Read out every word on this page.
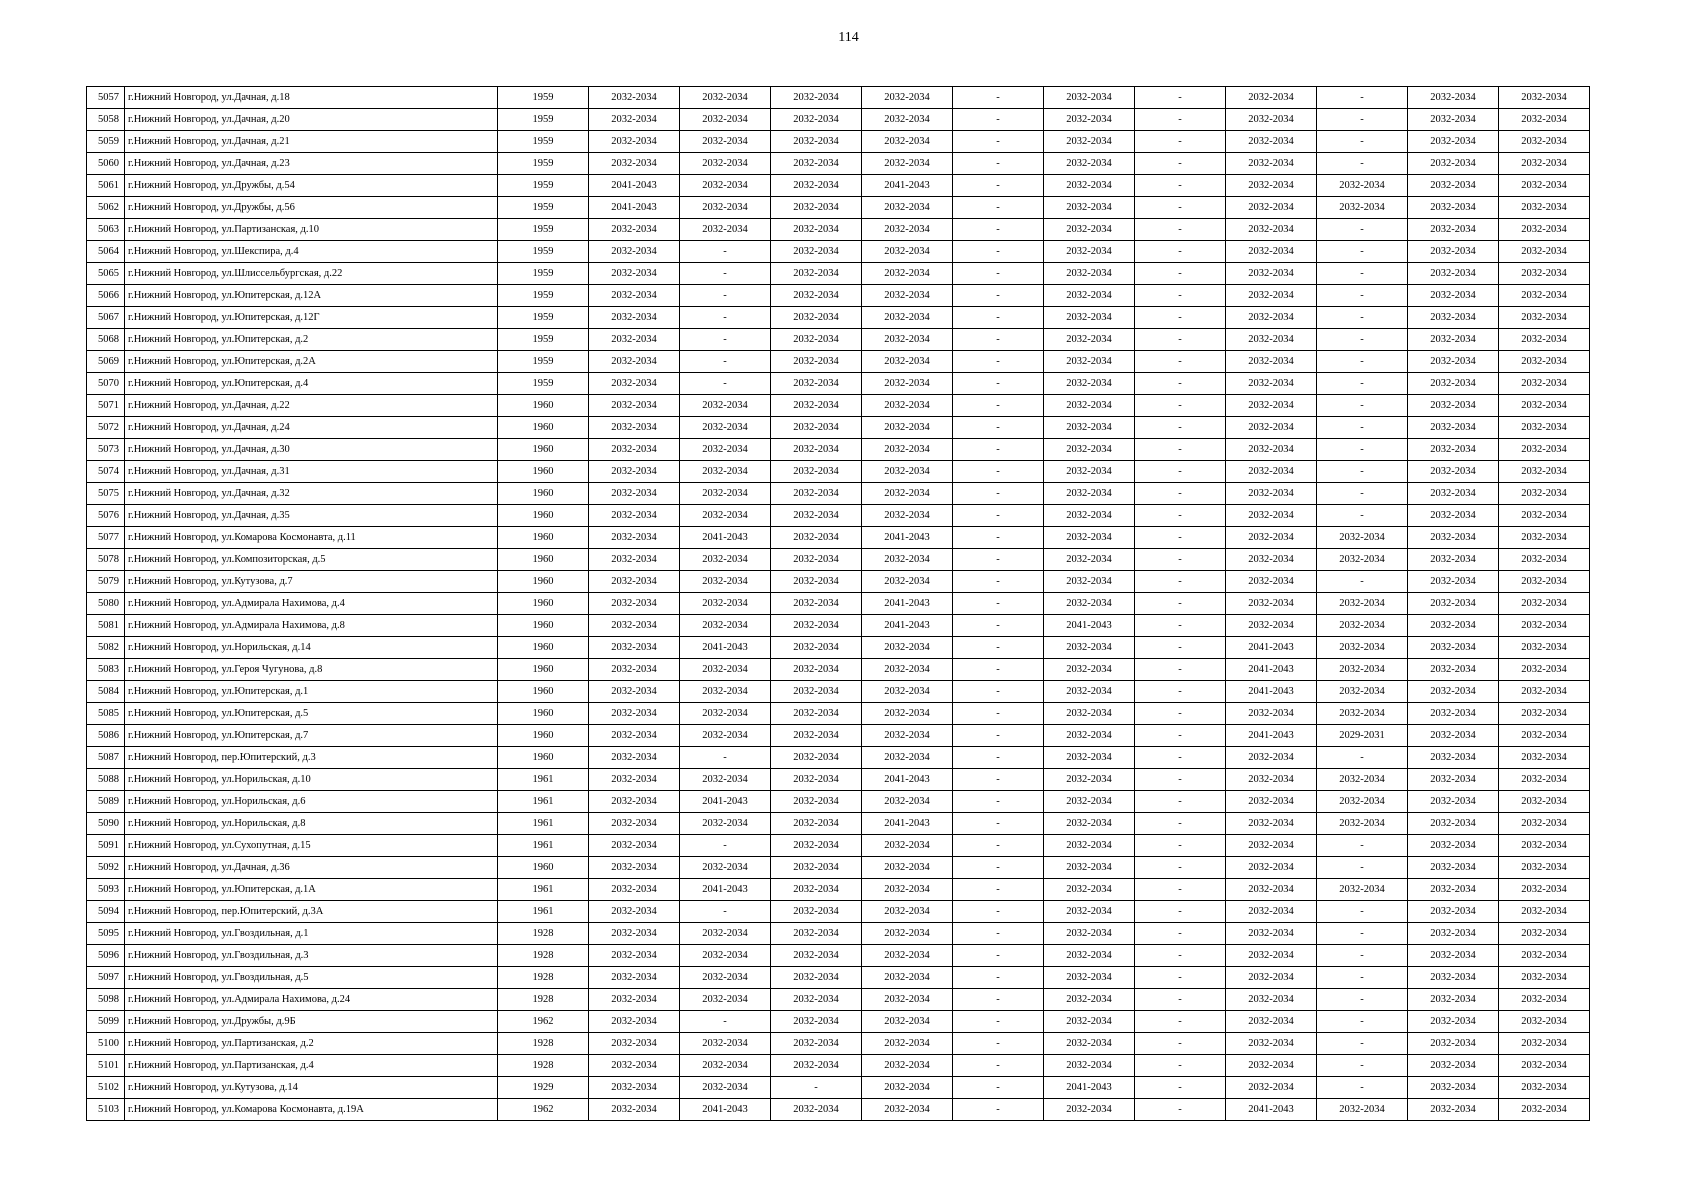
114
5057	г.Нижний Новгород, ул.Дачная, д.18	1959	2032-2034	2032-2034	2032-2034	2032-2034	-	2032-2034	-	2032-2034	-	2032-2034	2032-2034
5058	г.Нижний Новгород, ул.Дачная, д.20	1959	2032-2034	2032-2034	2032-2034	2032-2034	-	2032-2034	-	2032-2034	-	2032-2034	2032-2034
5059	г.Нижний Новгород, ул.Дачная, д.21	1959	2032-2034	2032-2034	2032-2034	2032-2034	-	2032-2034	-	2032-2034	-	2032-2034	2032-2034
5060	г.Нижний Новгород, ул.Дачная, д.23	1959	2032-2034	2032-2034	2032-2034	2032-2034	-	2032-2034	-	2032-2034	-	2032-2034	2032-2034
5061	г.Нижний Новгород, ул.Дружбы, д.54	1959	2041-2043	2032-2034	2032-2034	2041-2043	-	2032-2034	-	2032-2034	2032-2034	2032-2034	2032-2034
5062	г.Нижний Новгород, ул.Дружбы, д.56	1959	2041-2043	2032-2034	2032-2034	2032-2034	-	2032-2034	-	2032-2034	2032-2034	2032-2034	2032-2034
5063	г.Нижний Новгород, ул.Партизанская, д.10	1959	2032-2034	2032-2034	2032-2034	2032-2034	-	2032-2034	-	2032-2034	-	2032-2034	2032-2034
5064	г.Нижний Новгород, ул.Шекспира, д.4	1959	2032-2034	-	2032-2034	2032-2034	-	2032-2034	-	2032-2034	-	2032-2034	2032-2034
5065	г.Нижний Новгород, ул.Шлиссельбургская, д.22	1959	2032-2034	-	2032-2034	2032-2034	-	2032-2034	-	2032-2034	-	2032-2034	2032-2034
5066	г.Нижний Новгород, ул.Юпитерская, д.12А	1959	2032-2034	-	2032-2034	2032-2034	-	2032-2034	-	2032-2034	-	2032-2034	2032-2034
5067	г.Нижний Новгород, ул.Юпитерская, д.12Г	1959	2032-2034	-	2032-2034	2032-2034	-	2032-2034	-	2032-2034	-	2032-2034	2032-2034
5068	г.Нижний Новгород, ул.Юпитерская, д.2	1959	2032-2034	-	2032-2034	2032-2034	-	2032-2034	-	2032-2034	-	2032-2034	2032-2034
5069	г.Нижний Новгород, ул.Юпитерская, д.2А	1959	2032-2034	-	2032-2034	2032-2034	-	2032-2034	-	2032-2034	-	2032-2034	2032-2034
5070	г.Нижний Новгород, ул.Юпитерская, д.4	1959	2032-2034	-	2032-2034	2032-2034	-	2032-2034	-	2032-2034	-	2032-2034	2032-2034
5071	г.Нижний Новгород, ул.Дачная, д.22	1960	2032-2034	2032-2034	2032-2034	2032-2034	-	2032-2034	-	2032-2034	-	2032-2034	2032-2034
5072	г.Нижний Новгород, ул.Дачная, д.24	1960	2032-2034	2032-2034	2032-2034	2032-2034	-	2032-2034	-	2032-2034	-	2032-2034	2032-2034
5073	г.Нижний Новгород, ул.Дачная, д.30	1960	2032-2034	2032-2034	2032-2034	2032-2034	-	2032-2034	-	2032-2034	-	2032-2034	2032-2034
5074	г.Нижний Новгород, ул.Дачная, д.31	1960	2032-2034	2032-2034	2032-2034	2032-2034	-	2032-2034	-	2032-2034	-	2032-2034	2032-2034
5075	г.Нижний Новгород, ул.Дачная, д.32	1960	2032-2034	2032-2034	2032-2034	2032-2034	-	2032-2034	-	2032-2034	-	2032-2034	2032-2034
5076	г.Нижний Новгород, ул.Дачная, д.35	1960	2032-2034	2032-2034	2032-2034	2032-2034	-	2032-2034	-	2032-2034	-	2032-2034	2032-2034
5077	г.Нижний Новгород, ул.Комарова Космонавта, д.11	1960	2032-2034	2041-2043	2032-2034	2041-2043	-	2032-2034	-	2032-2034	2032-2034	2032-2034	2032-2034
5078	г.Нижний Новгород, ул.Композиторская, д.5	1960	2032-2034	2032-2034	2032-2034	2032-2034	-	2032-2034	-	2032-2034	2032-2034	2032-2034	2032-2034
5079	г.Нижний Новгород, ул.Кутузова, д.7	1960	2032-2034	2032-2034	2032-2034	2032-2034	-	2032-2034	-	2032-2034	-	2032-2034	2032-2034
5080	г.Нижний Новгород, ул.Адмирала Нахимова, д.4	1960	2032-2034	2032-2034	2032-2034	2041-2043	-	2032-2034	-	2032-2034	2032-2034	2032-2034	2032-2034
5081	г.Нижний Новгород, ул.Адмирала Нахимова, д.8	1960	2032-2034	2032-2034	2032-2034	2041-2043	-	2041-2043	-	2032-2034	2032-2034	2032-2034	2032-2034
5082	г.Нижний Новгород, ул.Норильская, д.14	1960	2032-2034	2041-2043	2032-2034	2032-2034	-	2032-2034	-	2041-2043	2032-2034	2032-2034	2032-2034
5083	г.Нижний Новгород, ул.Героя Чугунова, д.8	1960	2032-2034	2032-2034	2032-2034	2032-2034	-	2032-2034	-	2041-2043	2032-2034	2032-2034	2032-2034
5084	г.Нижний Новгород, ул.Юпитерская, д.1	1960	2032-2034	2032-2034	2032-2034	2032-2034	-	2032-2034	-	2041-2043	2032-2034	2032-2034	2032-2034
5085	г.Нижний Новгород, ул.Юпитерская, д.5	1960	2032-2034	2032-2034	2032-2034	2032-2034	-	2032-2034	-	2032-2034	2032-2034	2032-2034	2032-2034
5086	г.Нижний Новгород, ул.Юпитерская, д.7	1960	2032-2034	2032-2034	2032-2034	2032-2034	-	2032-2034	-	2041-2043	2029-2031	2032-2034	2032-2034
5087	г.Нижний Новгород, пер.Юпитерский, д.3	1960	2032-2034	-	2032-2034	2032-2034	-	2032-2034	-	2032-2034	-	2032-2034	2032-2034
5088	г.Нижний Новгород, ул.Норильская, д.10	1961	2032-2034	2032-2034	2032-2034	2041-2043	-	2032-2034	-	2032-2034	2032-2034	2032-2034	2032-2034
5089	г.Нижний Новгород, ул.Норильская, д.6	1961	2032-2034	2041-2043	2032-2034	2032-2034	-	2032-2034	-	2032-2034	2032-2034	2032-2034	2032-2034
5090	г.Нижний Новгород, ул.Норильская, д.8	1961	2032-2034	2032-2034	2032-2034	2041-2043	-	2032-2034	-	2032-2034	2032-2034	2032-2034	2032-2034
5091	г.Нижний Новгород, ул.Сухопутная, д.15	1961	2032-2034	-	2032-2034	2032-2034	-	2032-2034	-	2032-2034	-	2032-2034	2032-2034
5092	г.Нижний Новгород, ул.Дачная, д.36	1960	2032-2034	2032-2034	2032-2034	2032-2034	-	2032-2034	-	2032-2034	-	2032-2034	2032-2034
5093	г.Нижний Новгород, ул.Юпитерская, д.1А	1961	2032-2034	2041-2043	2032-2034	2032-2034	-	2032-2034	-	2032-2034	2032-2034	2032-2034	2032-2034
5094	г.Нижний Новгород, пер.Юпитерский, д.3А	1961	2032-2034	-	2032-2034	2032-2034	-	2032-2034	-	2032-2034	-	2032-2034	2032-2034
5095	г.Нижний Новгород, ул.Гвоздильная, д.1	1928	2032-2034	2032-2034	2032-2034	2032-2034	-	2032-2034	-	2032-2034	-	2032-2034	2032-2034
5096	г.Нижний Новгород, ул.Гвоздильная, д.3	1928	2032-2034	2032-2034	2032-2034	2032-2034	-	2032-2034	-	2032-2034	-	2032-2034	2032-2034
5097	г.Нижний Новгород, ул.Гвоздильная, д.5	1928	2032-2034	2032-2034	2032-2034	2032-2034	-	2032-2034	-	2032-2034	-	2032-2034	2032-2034
5098	г.Нижний Новгород, ул.Адмирала Нахимова, д.24	1928	2032-2034	2032-2034	2032-2034	2032-2034	-	2032-2034	-	2032-2034	-	2032-2034	2032-2034
5099	г.Нижний Новгород, ул.Дружбы, д.9Б	1962	2032-2034	-	2032-2034	2032-2034	-	2032-2034	-	2032-2034	-	2032-2034	2032-2034
5100	г.Нижний Новгород, ул.Партизанская, д.2	1928	2032-2034	2032-2034	2032-2034	2032-2034	-	2032-2034	-	2032-2034	-	2032-2034	2032-2034
5101	г.Нижний Новгород, ул.Партизанская, д.4	1928	2032-2034	2032-2034	2032-2034	2032-2034	-	2032-2034	-	2032-2034	-	2032-2034	2032-2034
5102	г.Нижний Новгород, ул.Кутузова, д.14	1929	2032-2034	2032-2034	-	2032-2034	-	2041-2043	-	2032-2034	-	2032-2034	2032-2034
5103	г.Нижний Новгород, ул.Комарова Космонавта, д.19А	1962	2032-2034	2041-2043	2032-2034	2032-2034	-	2032-2034	-	2041-2043	2032-2034	2032-2034	2032-2034
